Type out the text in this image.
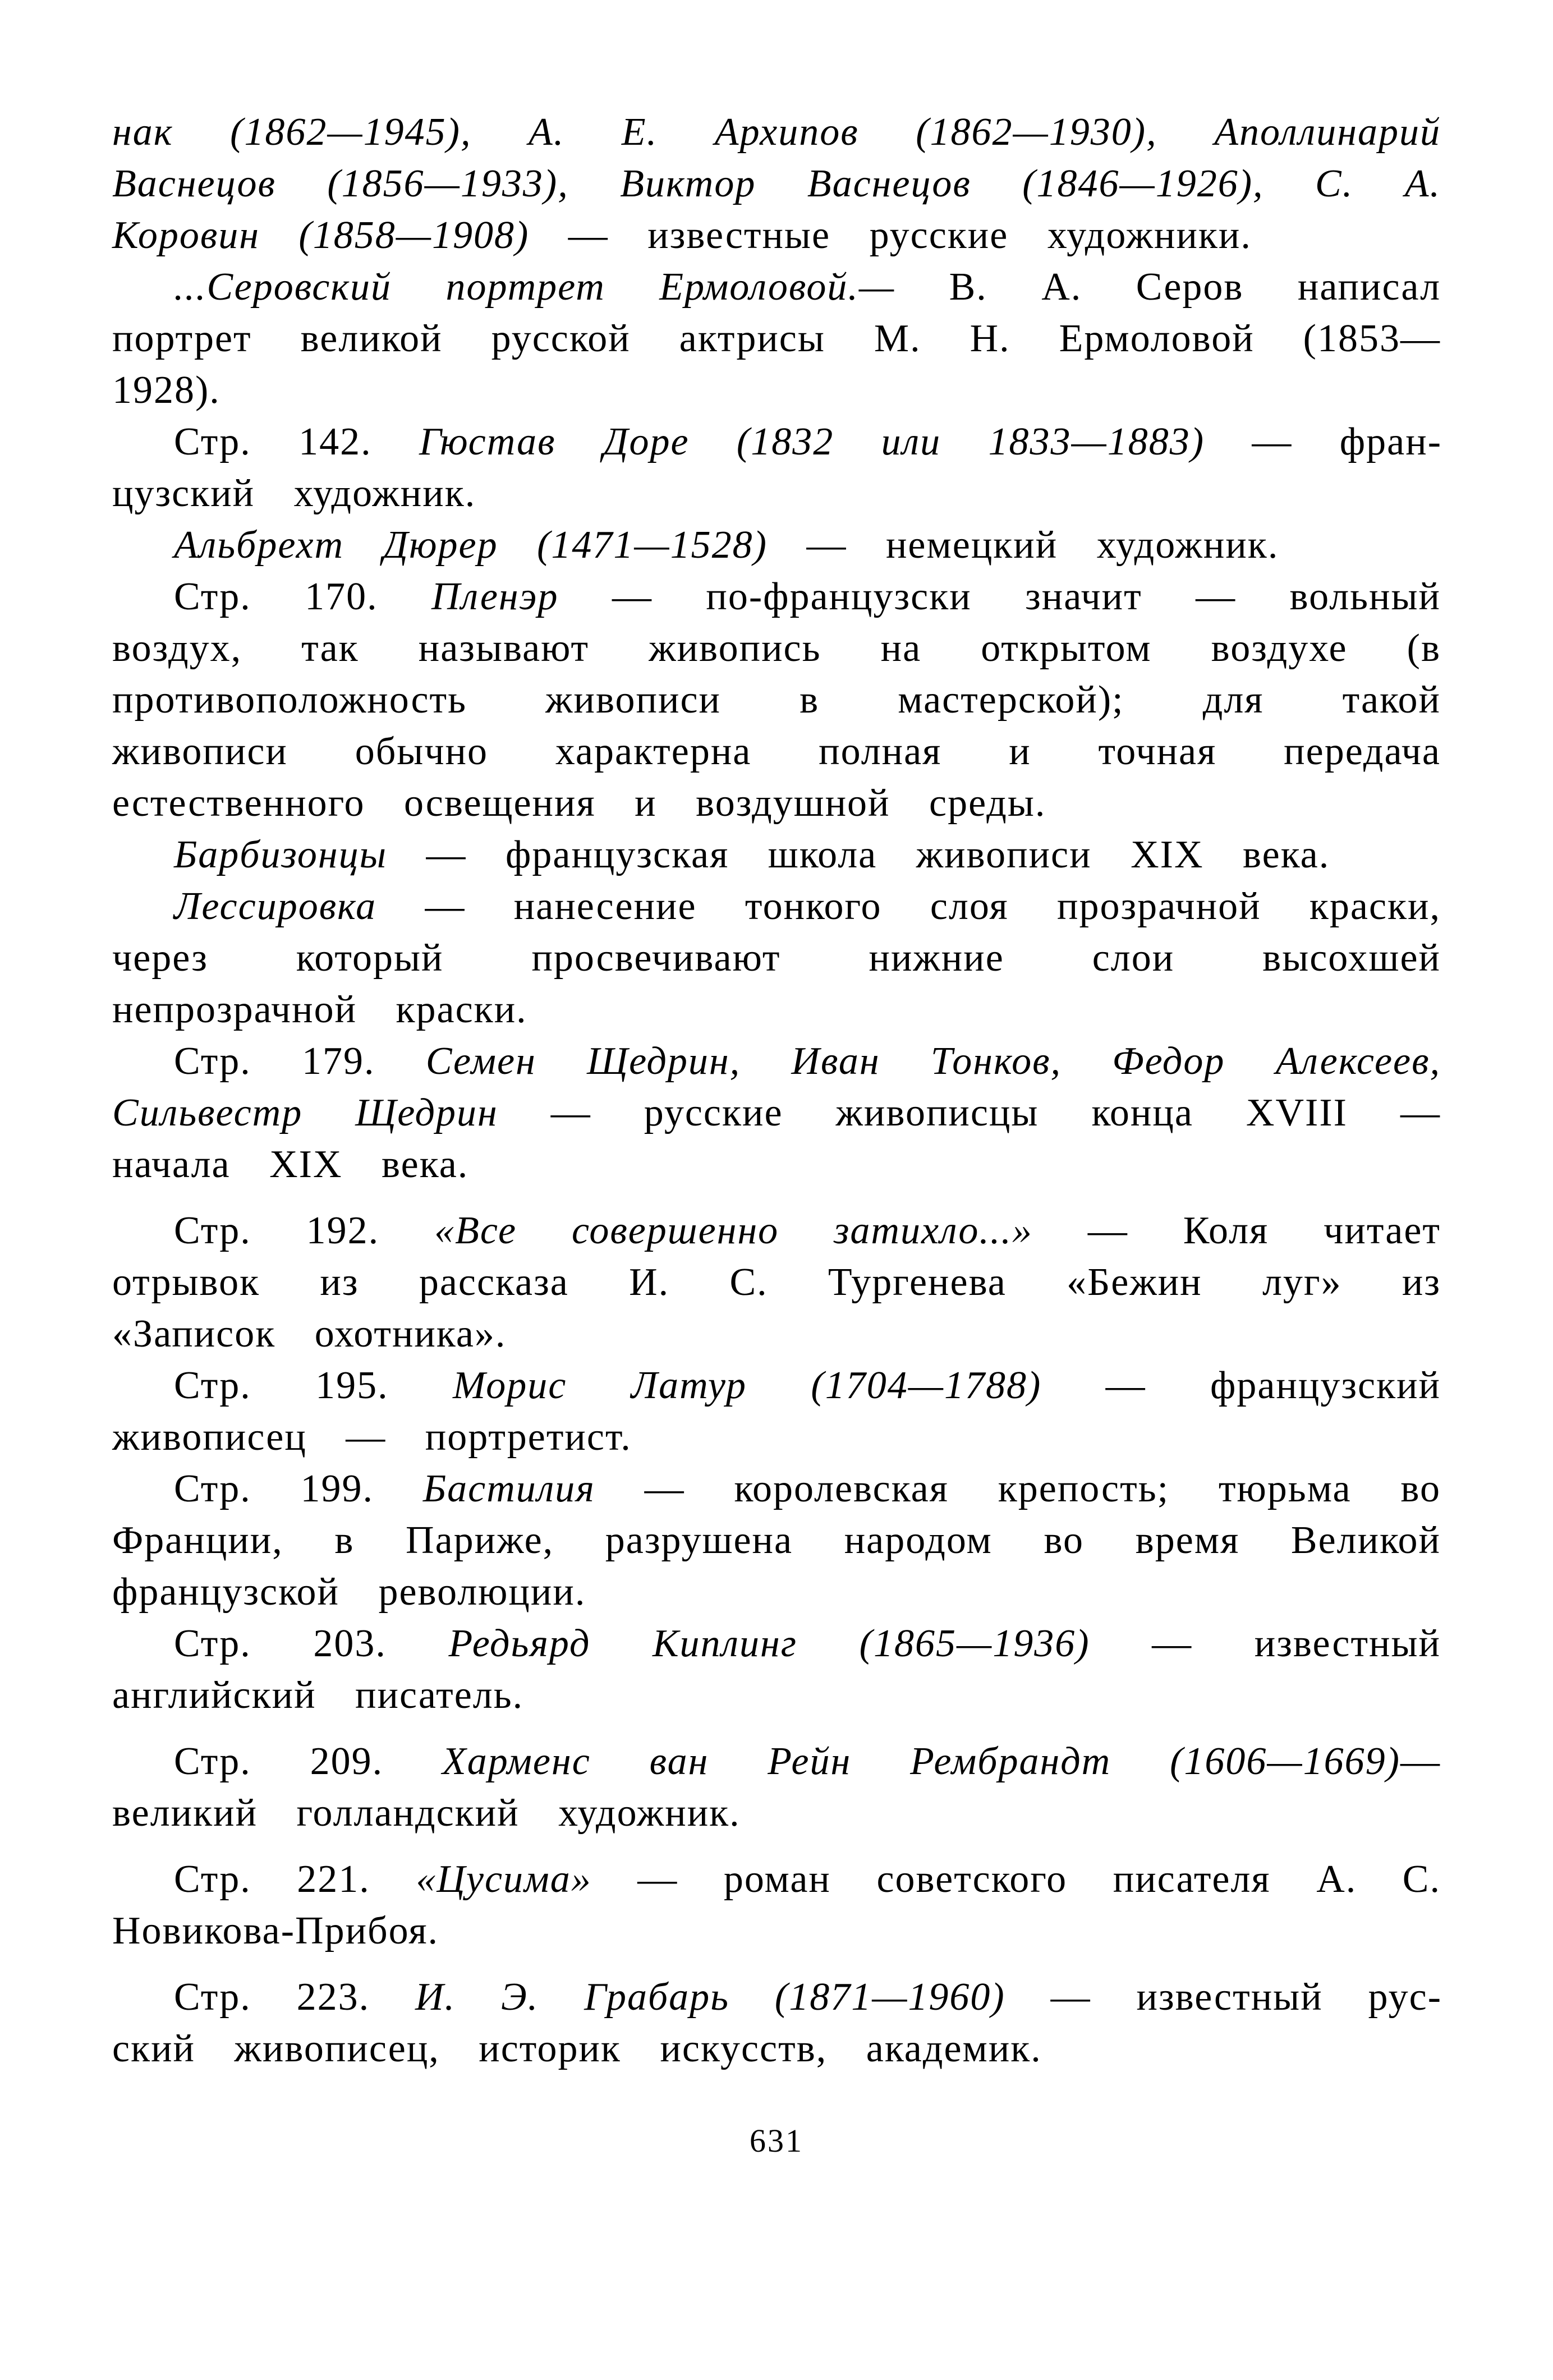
нак (1862—1945), А. Е. Архипов (1862—1930), Аполлинарий Васнецов (1856—1933), Виктор Васнецов (1846—1926), С. А. Коровин (1858—1908) — известные русские художники.

...Серовский портрет Ермоловой.— В. А. Серов написал портрет великой русской актрисы М. Н. Ермоловой (1853—1928).

Стр. 142. Гюстав Доре (1832 или 1833—1883) — французский художник.

Альбрехт Дюрер (1471—1528) — немецкий художник.

Стр. 170. Пленэр — по-французски значит — вольный воздух, так называют живопись на открытом воздухе (в противоположность живописи в мастерской); для такой живописи обычно характерна полная и точная передача естественного освещения и воздушной среды.

Барбизонцы — французская школа живописи XIX века.

Лессировка — нанесение тонкого слоя прозрачной краски, через который просвечивают нижние слои высохшей непрозрачной краски.

Стр. 179. Семен Щедрин, Иван Тонков, Федор Алексеев, Сильвестр Щедрин — русские живописцы конца XVIII — начала XIX века.

Стр. 192. «Все совершенно затихло...» — Коля читает отрывок из рассказа И. С. Тургенева «Бежин луг» из «Записок охотника».

Стр. 195. Морис Латур (1704—1788) — французский живописец — портретист.

Стр. 199. Бастилия — королевская крепость; тюрьма во Франции, в Париже, разрушена народом во время Великой французской революции.

Стр. 203. Редьярд Киплинг (1865—1936) — известный английский писатель.

Стр. 209. Харменс ван Рейн Рембрандт (1606—1669)— великий голландский художник.

Стр. 221. «Цусима» — роман советского писателя А. С. Новикова-Прибоя.

Стр. 223. И. Э. Грабарь (1871—1960) — известный русский живописец, историк искусств, академик.

631
